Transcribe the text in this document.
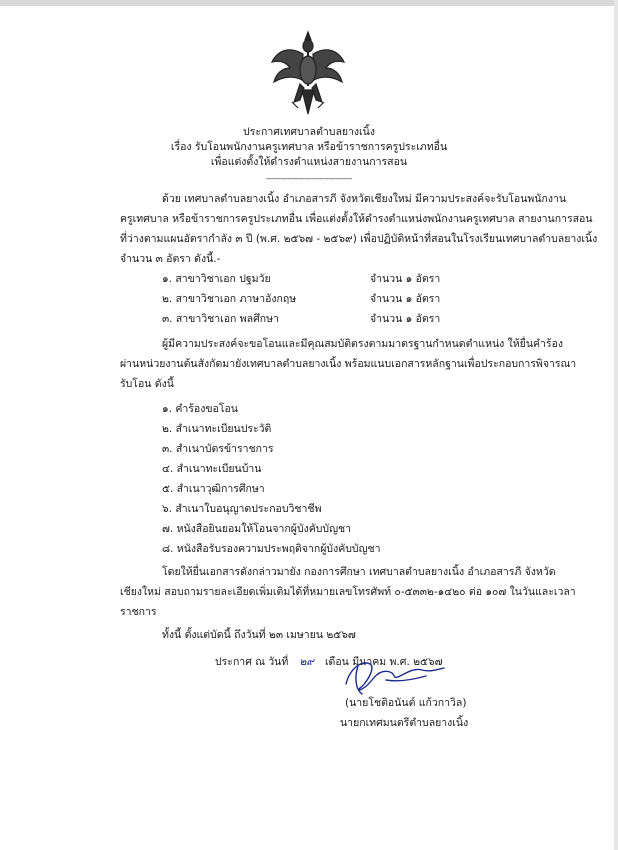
ประกาศเทศบาลตำบลยางเนิ้ง
เรื่อง รับโอนพนักงานครูเทศบาล หรือข้าราชการครูประเภทอื่น
เพื่อแต่งตั้งให้ดำรงตำแหน่งสายงานการสอน
------------------------------------
ด้วย เทศบาลตำบลยางเนิ้ง อำเภอสารภี จังหวัดเชียงใหม่ มีความประสงค์จะรับโอนพนักงาน
ครูเทศบาล หรือข้าราชการครูประเภทอื่น เพื่อแต่งตั้งให้ดำรงตำแหน่งพนักงานครูเทศบาล สายงานการสอน
ที่ว่างตามแผนอัตรากำลัง ๓ ปี (พ.ศ. ๒๕๖๗ - ๒๕๖๙) เพื่อปฏิบัติหน้าที่สอนในโรงเรียนเทศบาลตำบลยางเนิ้ง
จำนวน ๓ อัตรา ดังนี้.-
๑. สาขาวิชาเอก ปฐมวัย	จำนวน ๑ อัตรา
๒. สาขาวิชาเอก ภาษาอังกฤษ	จำนวน ๑ อัตรา
๓. สาขาวิชาเอก พลศึกษา	จำนวน ๑ อัตรา
ผู้มีความประสงค์จะขอโอนและมีคุณสมบัติตรงตามมาตรฐานกำหนดตำแหน่ง ให้ยื่นคำร้อง
ผ่านหน่วยงานต้นสังกัดมายังเทศบาลตำบลยางเนิ้ง พร้อมแนบเอกสารหลักฐานเพื่อประกอบการพิจารณา
รับโอน ดังนี้
๑. คำร้องขอโอน
๒. สำเนาทะเบียนประวัติ
๓. สำเนาบัตรข้าราชการ
๔. สำเนาทะเบียนบ้าน
๕. สำเนาวุฒิการศึกษา
๖. สำเนาใบอนุญาตประกอบวิชาชีพ
๗. หนังสือยินยอมให้โอนจากผู้บังคับบัญชา
๘. หนังสือรับรองความประพฤติจากผู้บังคับบัญชา
โดยให้ยื่นเอกสารดังกล่าวมายัง กองการศึกษา เทศบาลตำบลยางเนิ้ง อำเภอสารภี จังหวัด
เชียงใหม่ สอบถามรายละเอียดเพิ่มเติมได้ที่หมายเลขโทรศัพท์ ๐-๕๓๓๒-๑๔๒๐ ต่อ ๑๐๗ ในวันและเวลา
ราชการ
ทั้งนี้ ตั้งแต่บัดนี้ ถึงวันที่ ๒๓ เมษายน ๒๕๖๗
ประกาศ ณ วันที่ ๒๙ เดือน มีนาคม พ.ศ. ๒๕๖๗
(นายโชติอนันต์ แก้วกาวิล)
นายกเทศมนตรีตำบลยางเนิ้ง
